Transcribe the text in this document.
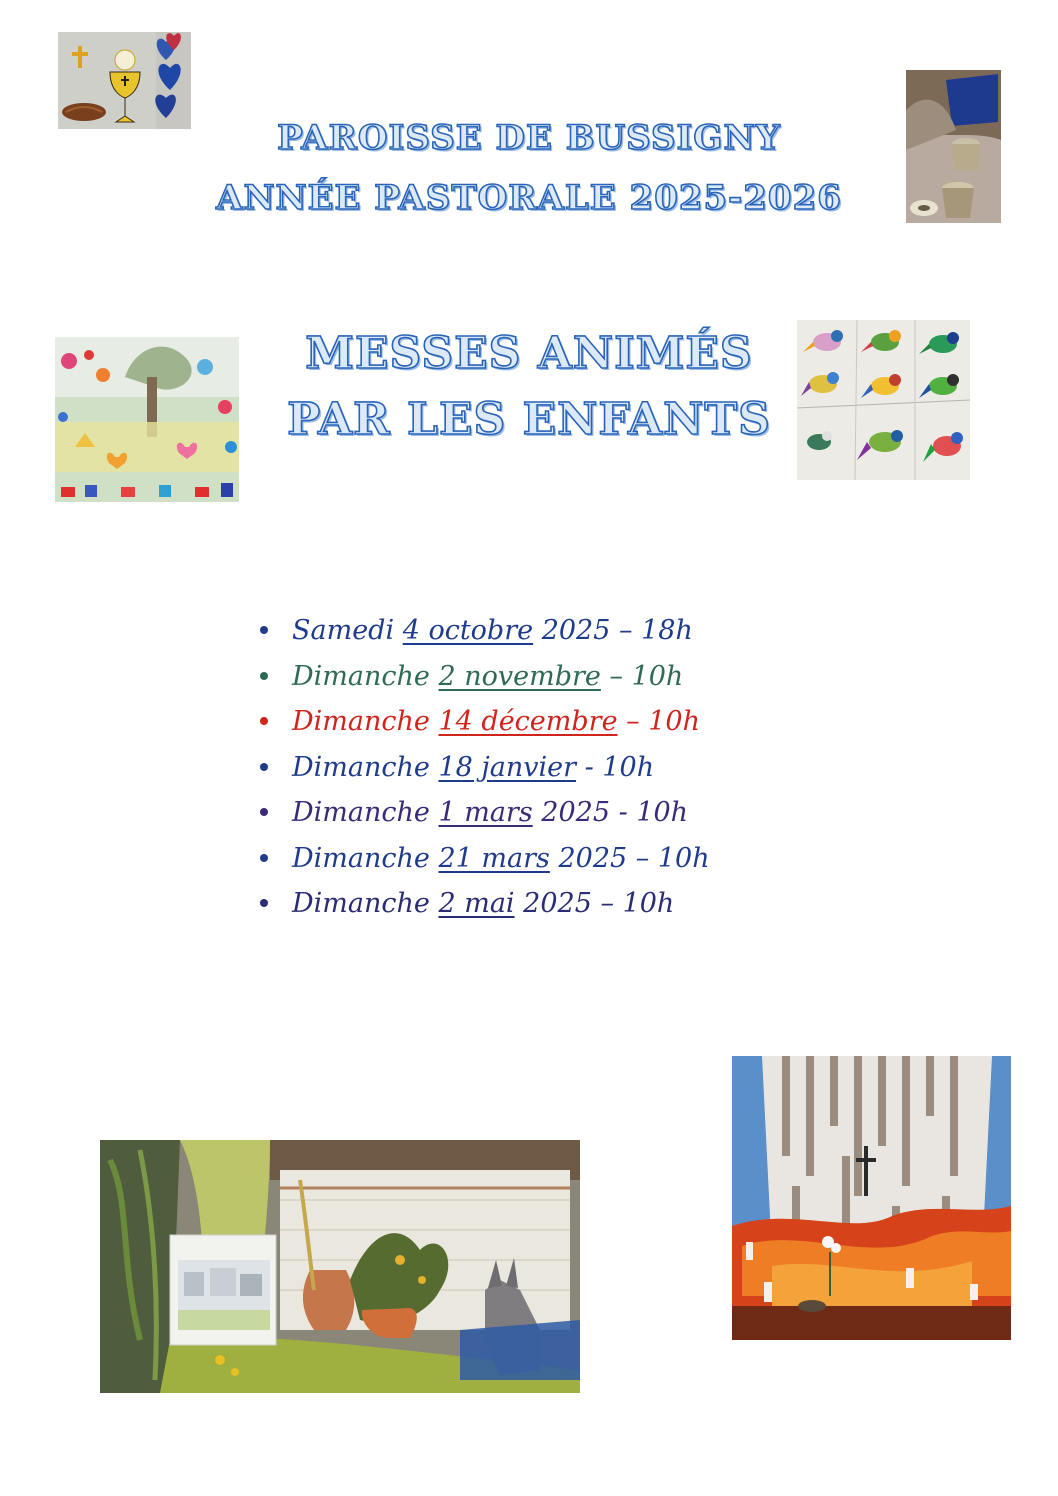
PAROISSE DE BUSSIGNY
ANNÉE PASTORALE 2025-2026
MESSES ANIMÉS
PAR LES ENFANTS
Samedi 4 octobre 2025 – 18h
Dimanche 2 novembre – 10h
Dimanche 14 décembre – 10h
Dimanche 18 janvier - 10h
Dimanche 1 mars 2025 - 10h
Dimanche 21 mars 2025 – 10h
Dimanche 2 mai 2025 – 10h
